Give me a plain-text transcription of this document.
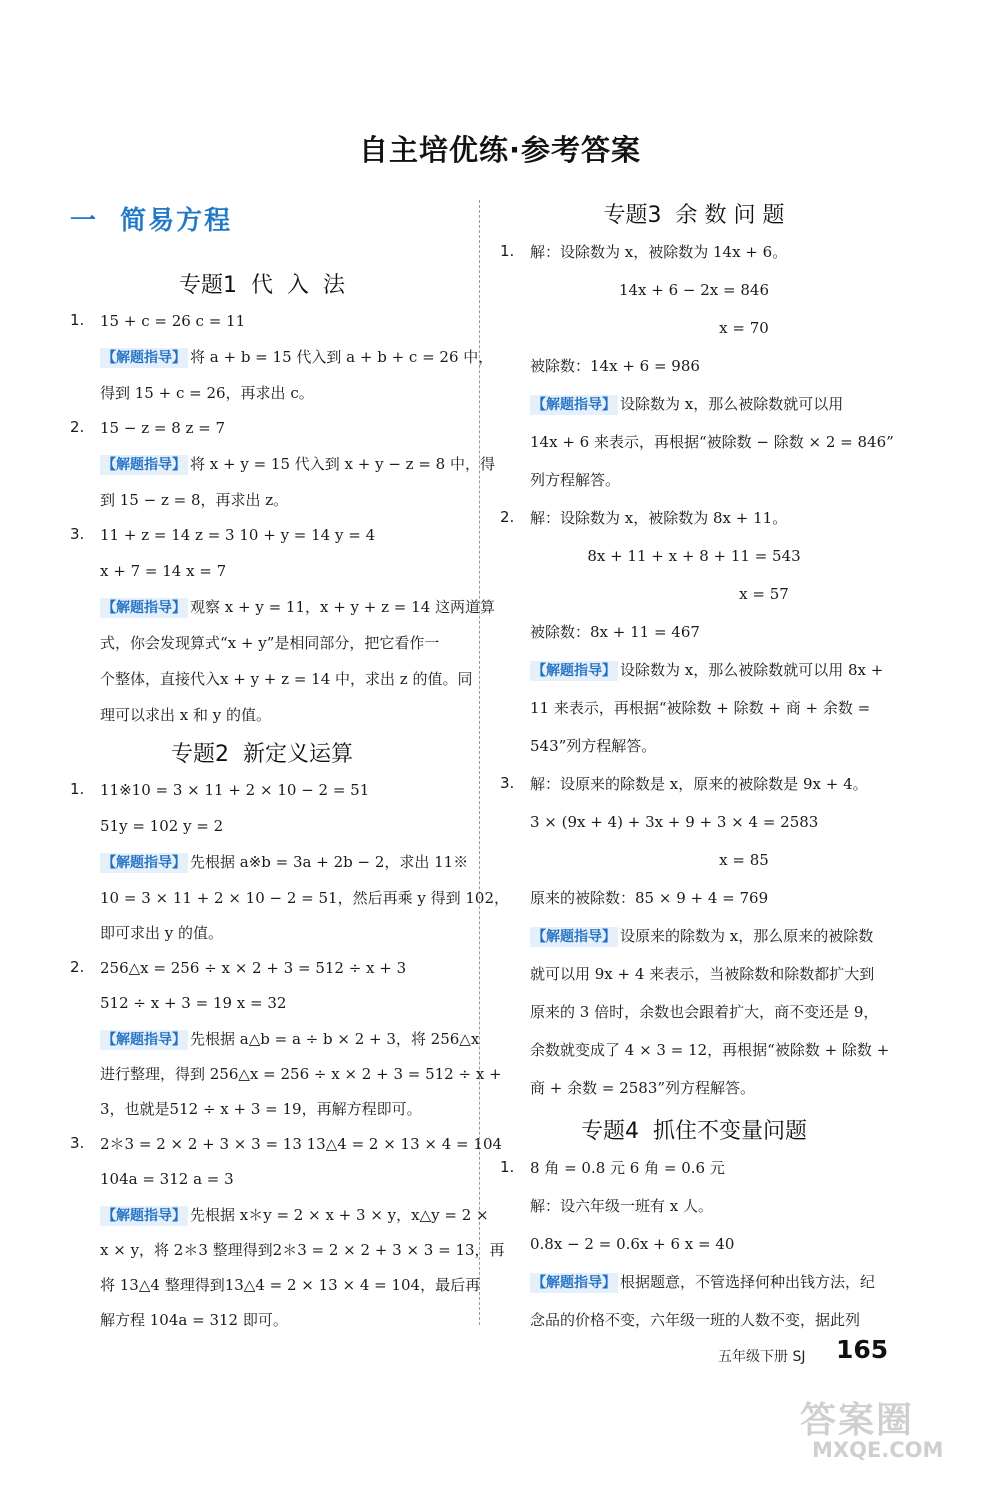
自主培优练·参考答案
一  简易方程
专题1  代  入  法
1. 15 + c = 26 c = 11
【解题指导】 将 a + b = 15 代入到 a + b + c = 26 中，
得到 15 + c = 26，再求出 c。
2. 15 − z = 8 z = 7
【解题指导】 将 x + y = 15 代入到 x + y − z = 8 中，得
到 15 − z = 8，再求出 z。
3. 11 + z = 14 z = 3 10 + y = 14 y = 4
x + 7 = 14 x = 7
【解题指导】 观察 x + y = 11，x + y + z = 14 这两道算
式，你会发现算式“x + y”是相同部分，把它看作一
个整体，直接代入x + y + z = 14 中，求出 z 的值。同
理可以求出 x 和 y 的值。
专题2  新定义运算
1. 11※10 = 3 × 11 + 2 × 10 − 2 = 51
51y = 102 y = 2
【解题指导】 先根据 a※b = 3a + 2b − 2，求出 11※
10 = 3 × 11 + 2 × 10 − 2 = 51，然后再乘 y 得到 102，
即可求出 y 的值。
2. 256△x = 256 ÷ x × 2 + 3 = 512 ÷ x + 3
512 ÷ x + 3 = 19 x = 32
【解题指导】 先根据 a△b = a ÷ b × 2 + 3，将 256△x
进行整理，得到 256△x = 256 ÷ x × 2 + 3 = 512 ÷ x +
3，也就是512 ÷ x + 3 = 19，再解方程即可。
3. 2＊3 = 2 × 2 + 3 × 3 = 13 13△4 = 2 × 13 × 4 = 104
104a = 312 a = 3
【解题指导】 先根据 x＊y = 2 × x + 3 × y，x△y = 2 ×
x × y，将 2＊3 整理得到2＊3 = 2 × 2 + 3 × 3 = 13，再
将 13△4 整理得到13△4 = 2 × 13 × 4 = 104，最后再
解方程 104a = 312 即可。
专题3  余 数 问 题
1. 解：设除数为 x，被除数为 14x + 6。
14x + 6 − 2x = 846
x = 70
被除数：14x + 6 = 986
【解题指导】 设除数为 x，那么被除数就可以用
14x + 6 来表示，再根据“被除数 − 除数 × 2 = 846”
列方程解答。
2. 解：设除数为 x，被除数为 8x + 11。
8x + 11 + x + 8 + 11 = 543
x = 57
被除数：8x + 11 = 467
【解题指导】 设除数为 x，那么被除数就可以用 8x +
11 来表示，再根据“被除数 + 除数 + 商 + 余数 =
543”列方程解答。
3. 解：设原来的除数是 x，原来的被除数是 9x + 4。
3 × (9x + 4) + 3x + 9 + 3 × 4 = 2583
x = 85
原来的被除数：85 × 9 + 4 = 769
【解题指导】 设原来的除数为 x，那么原来的被除数
就可以用 9x + 4 来表示，当被除数和除数都扩大到
原来的 3 倍时，余数也会跟着扩大，商不变还是 9，
余数就变成了 4 × 3 = 12，再根据“被除数 + 除数 +
商 + 余数 = 2583”列方程解答。
专题4  抓住不变量问题
1. 8 角 = 0.8 元 6 角 = 0.6 元
解：设六年级一班有 x 人。
0.8x − 2 = 0.6x + 6 x = 40
【解题指导】 根据题意，不管选择何种出钱方法，纪
念品的价格不变，六年级一班的人数不变，据此列
五年级下册 SJ 165
答案圈
MXQE.COM
